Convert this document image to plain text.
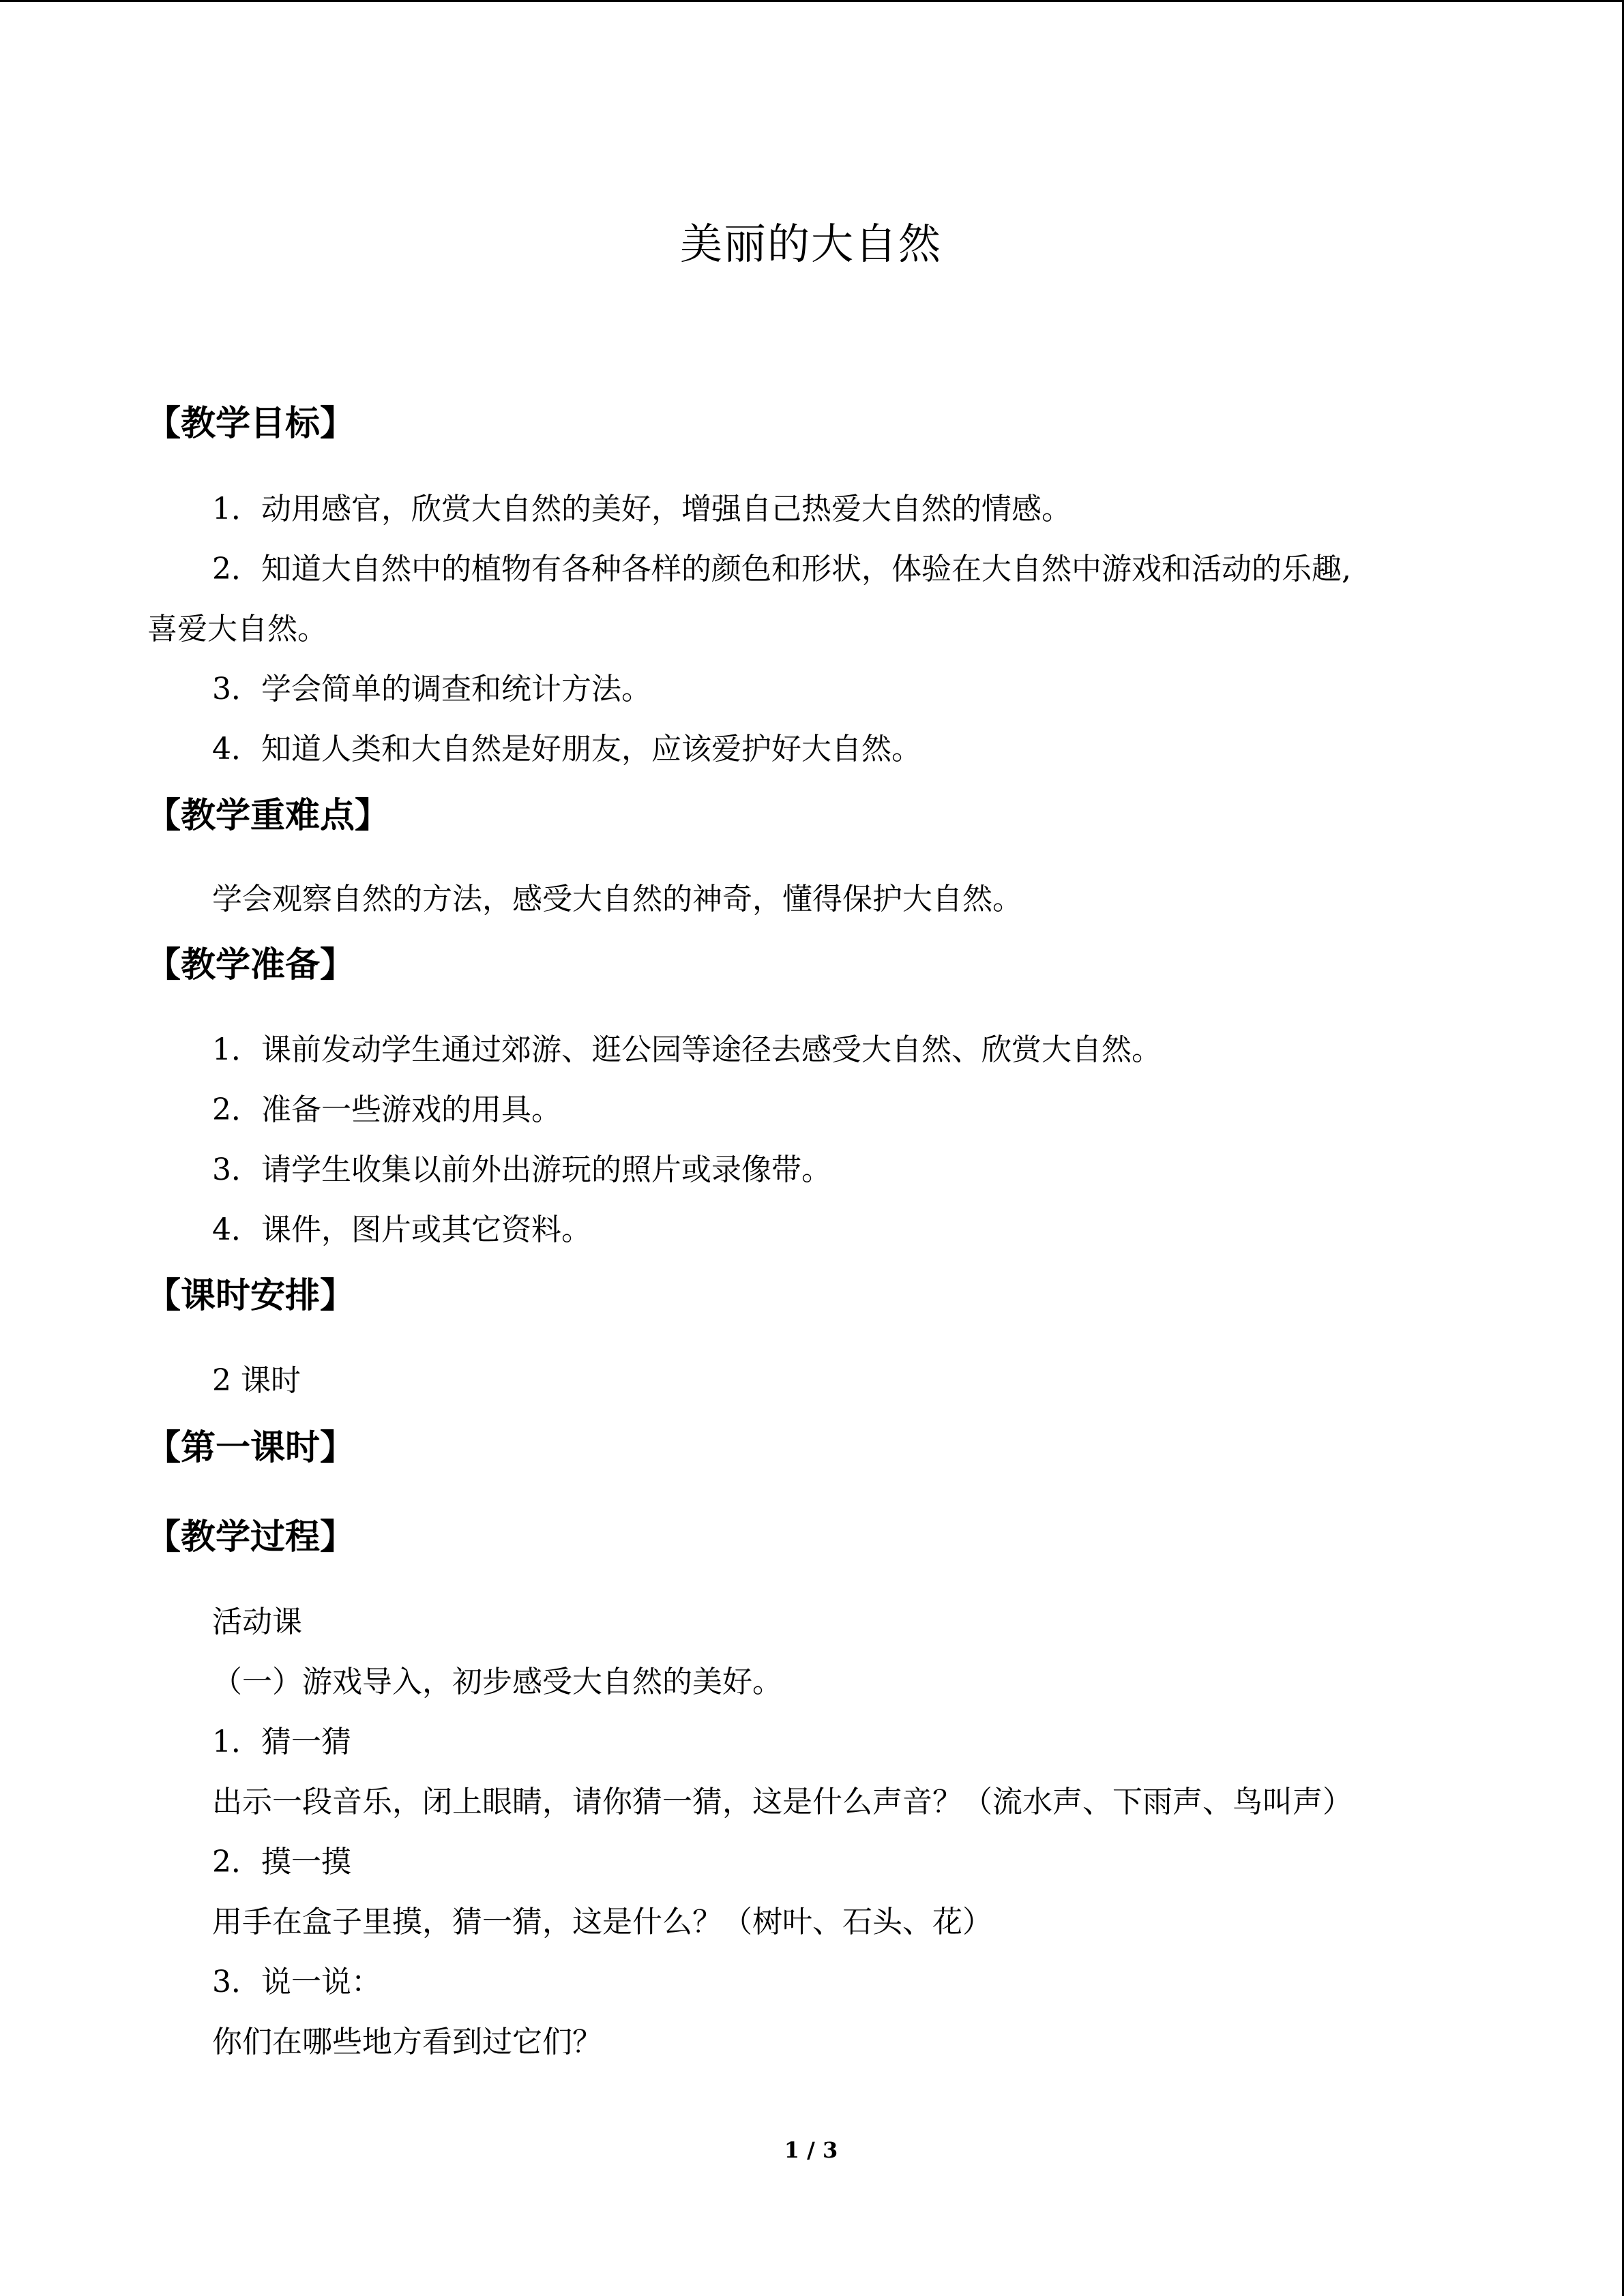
美丽的大自然
【教学目标】
1．动用感官，欣赏大自然的美好，增强自己热爱大自然的情感。
2．知道大自然中的植物有各种各样的颜色和形状，体验在大自然中游戏和活动的乐趣,
喜爱大自然。
3．学会简单的调查和统计方法。
4．知道人类和大自然是好朋友，应该爱护好大自然。
【教学重难点】
学会观察自然的方法，感受大自然的神奇，懂得保护大自然。
【教学准备】
1．课前发动学生通过郊游、逛公园等途径去感受大自然、欣赏大自然。
2．准备一些游戏的用具。
3．请学生收集以前外出游玩的照片或录像带。
4．课件，图片或其它资料。
【课时安排】
2 课时
【第一课时】
【教学过程】
活动课
（一）游戏导入，初步感受大自然的美好。
1．猜一猜
出示一段音乐，闭上眼睛，请你猜一猜，这是什么声音？（流水声、下雨声、鸟叫声）
2．摸一摸
用手在盒子里摸，猜一猜，这是什么？（树叶、石头、花）
3．说一说：
你们在哪些地方看到过它们？
1 / 3
